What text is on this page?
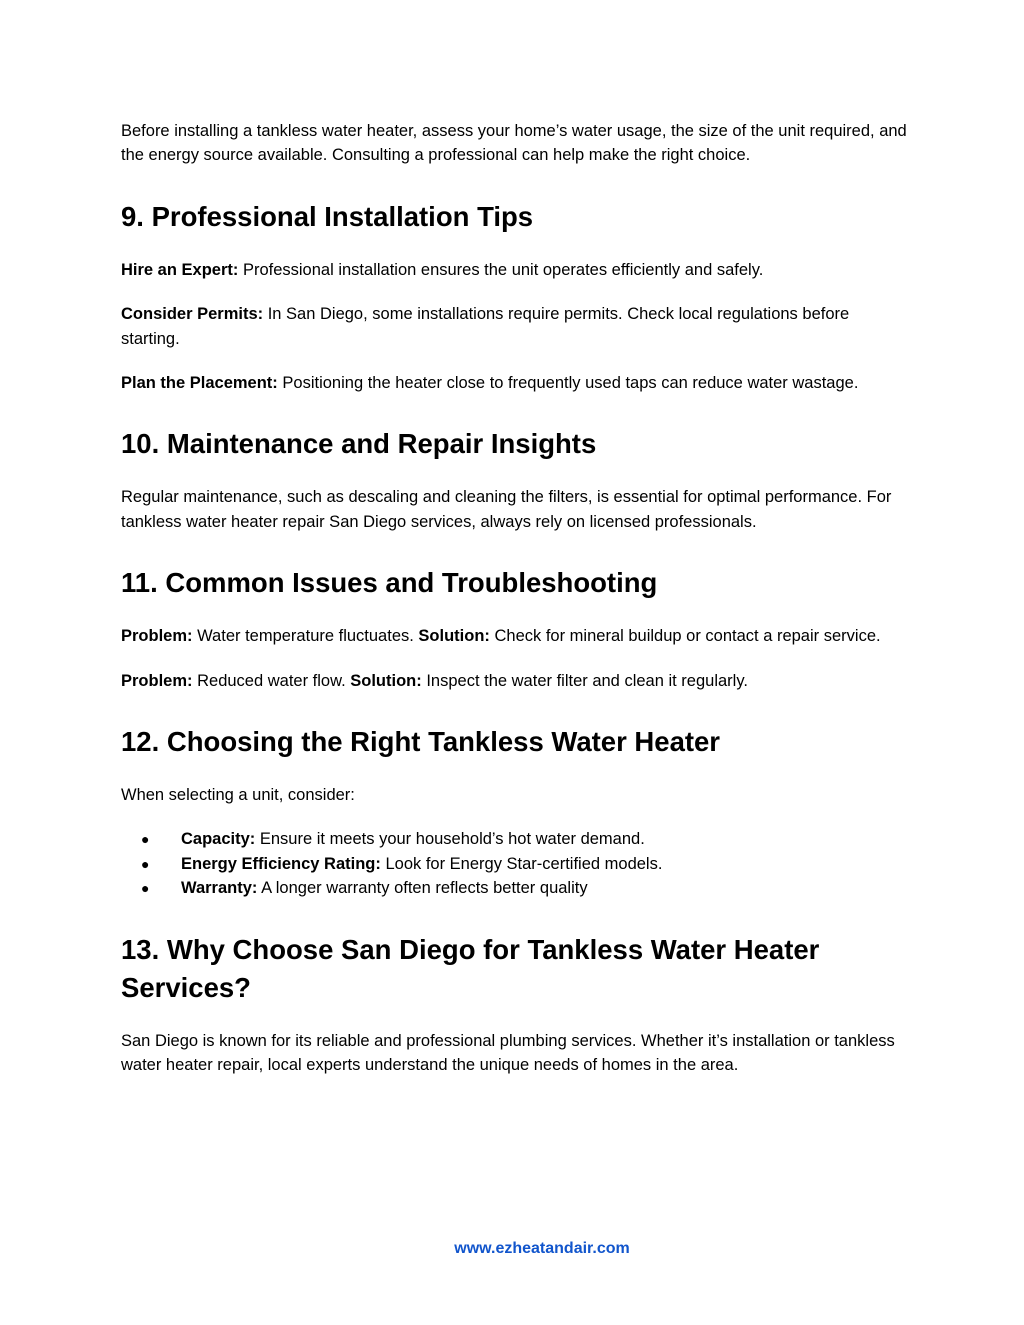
Before installing a tankless water heater, assess your home’s water usage, the size of the unit required, and the energy source available. Consulting a professional can help make the right choice.

9. Professional Installation Tips

Hire an Expert: Professional installation ensures the unit operates efficiently and safely.

Consider Permits: In San Diego, some installations require permits. Check local regulations before starting.

Plan the Placement: Positioning the heater close to frequently used taps can reduce water wastage.

10. Maintenance and Repair Insights

Regular maintenance, such as descaling and cleaning the filters, is essential for optimal performance. For tankless water heater repair San Diego services, always rely on licensed professionals.

11. Common Issues and Troubleshooting

Problem: Water temperature fluctuates. Solution: Check for mineral buildup or contact a repair service.

Problem: Reduced water flow. Solution: Inspect the water filter and clean it regularly.

12. Choosing the Right Tankless Water Heater

When selecting a unit, consider:

● Capacity: Ensure it meets your household’s hot water demand.
● Energy Efficiency Rating: Look for Energy Star-certified models.
● Warranty: A longer warranty often reflects better quality
13. Why Choose San Diego for Tankless Water Heater Services?

San Diego is known for its reliable and professional plumbing services. Whether it’s installation or tankless water heater repair, local experts understand the unique needs of homes in the area.

www.ezheatandair.com
